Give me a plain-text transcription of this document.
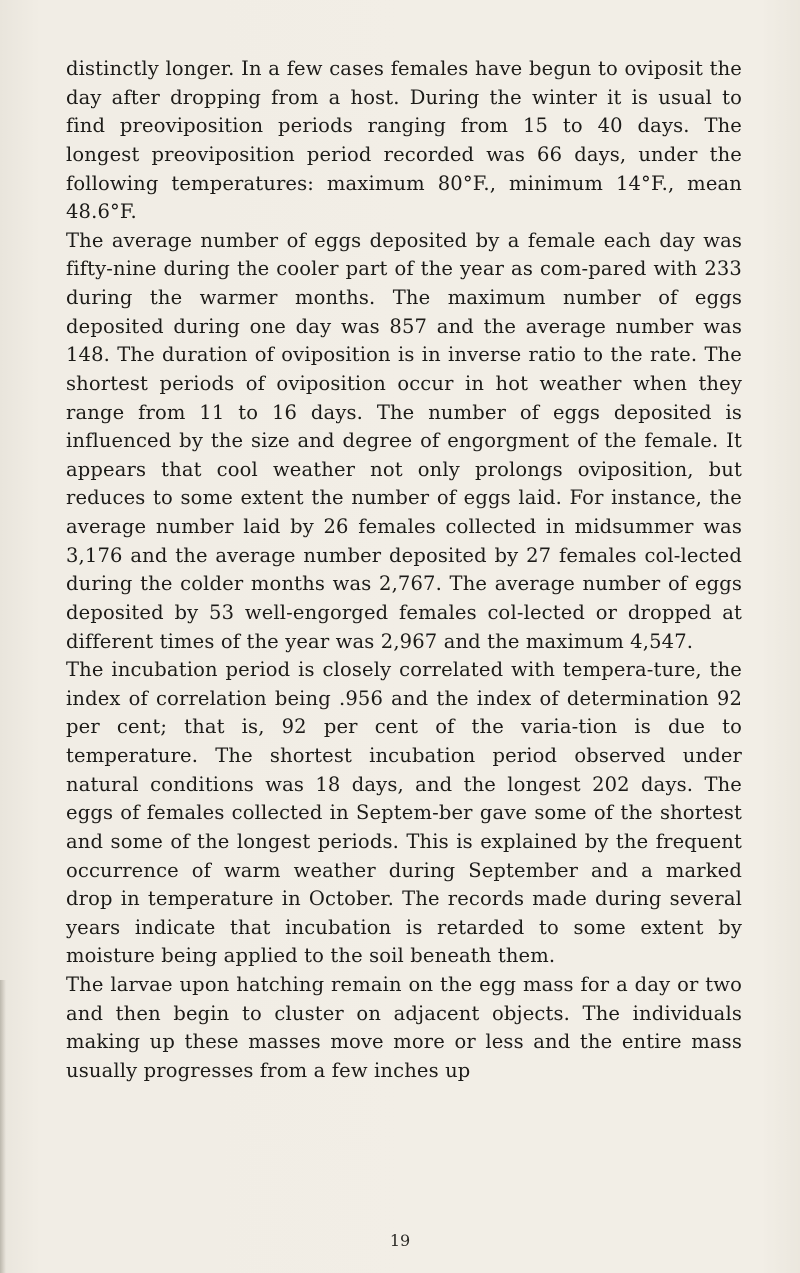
distinctly longer. In a few cases females have begun to oviposit the day after dropping from a host. During the winter it is usual to find preoviposition periods ranging from 15 to 40 days. The longest preoviposition period recorded was 66 days, under the following temperatures: maximum 80°F., minimum 14°F., mean 48.6°F.

The average number of eggs deposited by a female each day was fifty-nine during the cooler part of the year as com-pared with 233 during the warmer months. The maximum number of eggs deposited during one day was 857 and the average number was 148. The duration of oviposition is in inverse ratio to the rate. The shortest periods of oviposition occur in hot weather when they range from 11 to 16 days. The number of eggs deposited is influenced by the size and degree of engorgment of the female. It appears that cool weather not only prolongs oviposition, but reduces to some extent the number of eggs laid. For instance, the average number laid by 26 females collected in midsummer was 3,176 and the average number deposited by 27 females col-lected during the colder months was 2,767. The average number of eggs deposited by 53 well-engorged females col-lected or dropped at different times of the year was 2,967 and the maximum 4,547.

The incubation period is closely correlated with tempera-ture, the index of correlation being .956 and the index of determination 92 per cent; that is, 92 per cent of the varia-tion is due to temperature. The shortest incubation period observed under natural conditions was 18 days, and the longest 202 days. The eggs of females collected in Septem-ber gave some of the shortest and some of the longest periods. This is explained by the frequent occurrence of warm weather during September and a marked drop in temperature in October. The records made during several years indicate that incubation is retarded to some extent by moisture being applied to the soil beneath them.

The larvae upon hatching remain on the egg mass for a day or two and then begin to cluster on adjacent objects. The individuals making up these masses move more or less and the entire mass usually progresses from a few inches up

19
